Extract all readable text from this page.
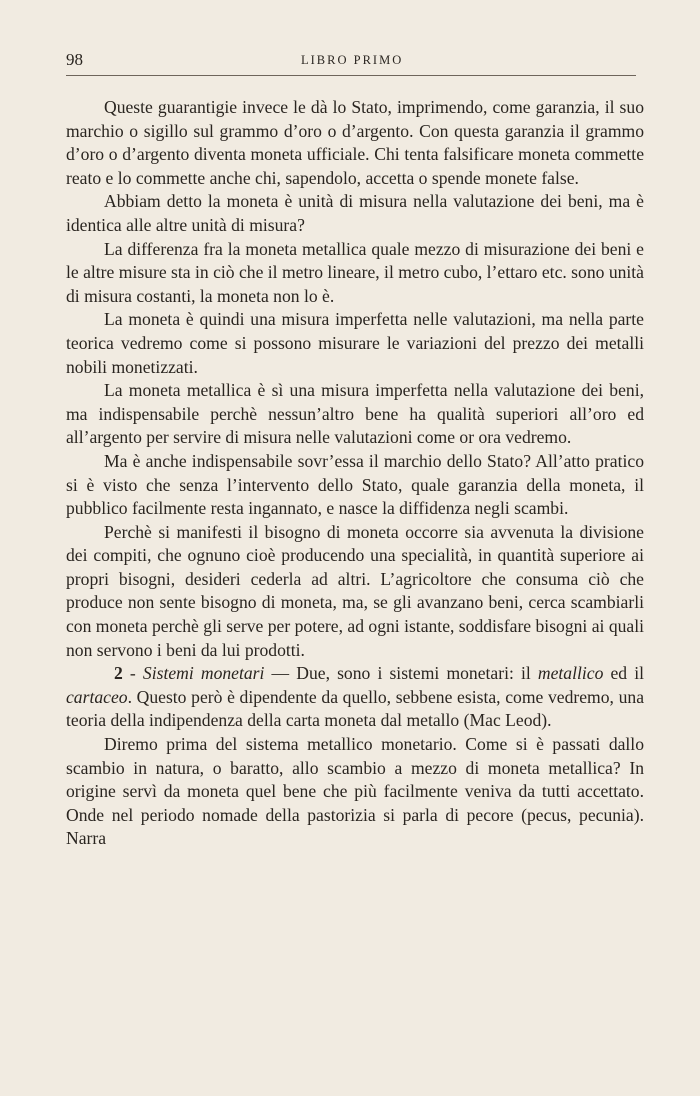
98	LIBRO PRIMO

Queste guarantigie invece le dà lo Stato, imprimendo, come garanzia, il suo marchio o sigillo sul grammo d’oro o d’argento. Con questa garanzia il grammo d’oro o d’argento diventa moneta ufficiale. Chi tenta falsificare moneta commette reato e lo commette anche chi, sapendolo, accetta o spende monete false.

Abbiam detto la moneta è unità di misura nella valutazione dei beni, ma è identica alle altre unità di misura?

La differenza fra la moneta metallica quale mezzo di misurazione dei beni e le altre misure sta in ciò che il metro lineare, il metro cubo, l’ettaro etc. sono unità di misura costanti, la moneta non lo è.

La moneta è quindi una misura imperfetta nelle valutazioni, ma nella parte teorica vedremo come si possono misurare le variazioni del prezzo dei metalli nobili monetizzati.

La moneta metallica è sì una misura imperfetta nella valutazione dei beni, ma indispensabile perchè nessun’altro bene ha qualità superiori all’oro ed all’argento per servire di misura nelle valutazioni come or ora vedremo.

Ma è anche indispensabile sovr’essa il marchio dello Stato? All’atto pratico si è visto che senza l’intervento dello Stato, quale garanzia della moneta, il pubblico facilmente resta ingannato, e nasce la diffidenza negli scambi.

Perchè si manifesti il bisogno di moneta occorre sia avvenuta la divisione dei compiti, che ognuno cioè producendo una specialità, in quantità superiore ai propri bisogni, desideri cederla ad altri. L’agricoltore che consuma ciò che produce non sente bisogno di moneta, ma, se gli avanzano beni, cerca scambiarli con moneta perchè gli serve per potere, ad ogni istante, soddisfare bisogni ai quali non servono i beni da lui prodotti.

2 - Sistemi monetari — Due, sono i sistemi monetari: il metallico ed il cartaceo. Questo però è dipendente da quello, sebbene esista, come vedremo, una teoria della indipendenza della carta moneta dal metallo (Mac Leod).

Diremo prima del sistema metallico monetario. Come si è passati dallo scambio in natura, o baratto, allo scambio a mezzo di moneta metallica? In origine servì da moneta quel bene che più facilmente veniva da tutti accettato. Onde nel periodo nomade della pastorizia si parla di pecore (pecus, pecunia). Narra
